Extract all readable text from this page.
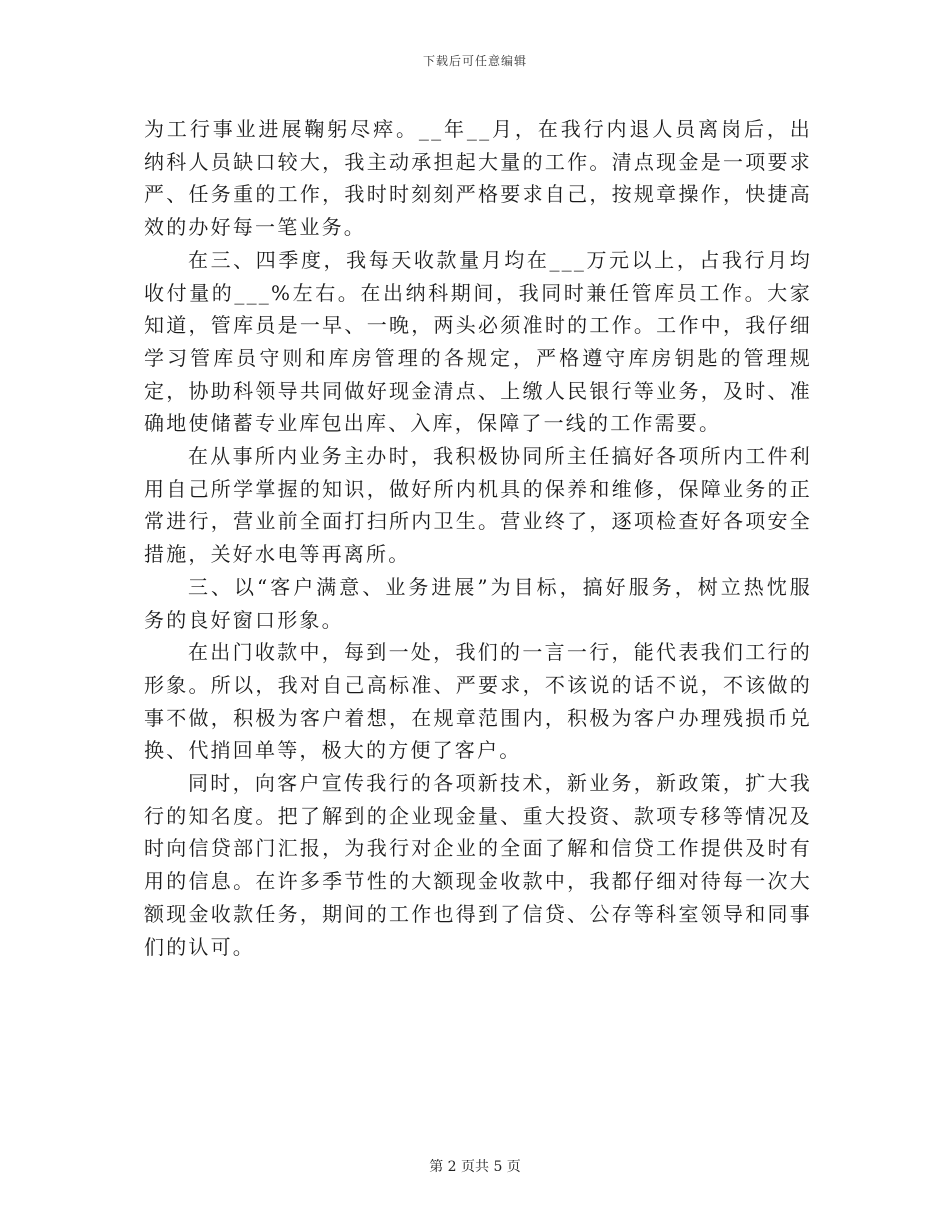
下载后可任意编辑

为工行事业进展鞠躬尽瘁。__年__月，在我行内退人员离岗后，出纳科人员缺口较大，我主动承担起大量的工作。清点现金是一项要求严、任务重的工作，我时时刻刻严格要求自己，按规章操作，快捷高效的办好每一笔业务。

在三、四季度，我每天收款量月均在___万元以上，占我行月均收付量的___%左右。在出纳科期间，我同时兼任管库员工作。大家知道，管库员是一早、一晚，两头必须准时的工作。工作中，我仔细学习管库员守则和库房管理的各规定，严格遵守库房钥匙的管理规定，协助科领导共同做好现金清点、上缴人民银行等业务，及时、准确地使储蓄专业库包出库、入库，保障了一线的工作需要。

在从事所内业务主办时，我积极协同所主任搞好各项所内工件利用自己所学掌握的知识，做好所内机具的保养和维修，保障业务的正常进行，营业前全面打扫所内卫生。营业终了，逐项检查好各项安全措施，关好水电等再离所。

三、以“客户满意、业务进展”为目标，搞好服务，树立热忱服务的良好窗口形象。

在出门收款中，每到一处，我们的一言一行，能代表我们工行的形象。所以，我对自己高标准、严要求，不该说的话不说，不该做的事不做，积极为客户着想，在规章范围内，积极为客户办理残损币兑换、代捎回单等，极大的方便了客户。

同时，向客户宣传我行的各项新技术，新业务，新政策，扩大我行的知名度。把了解到的企业现金量、重大投资、款项专移等情况及时向信贷部门汇报，为我行对企业的全面了解和信贷工作提供及时有用的信息。在许多季节性的大额现金收款中，我都仔细对待每一次大额现金收款任务，期间的工作也得到了信贷、公存等科室领导和同事们的认可。

第 2 页共 5 页
